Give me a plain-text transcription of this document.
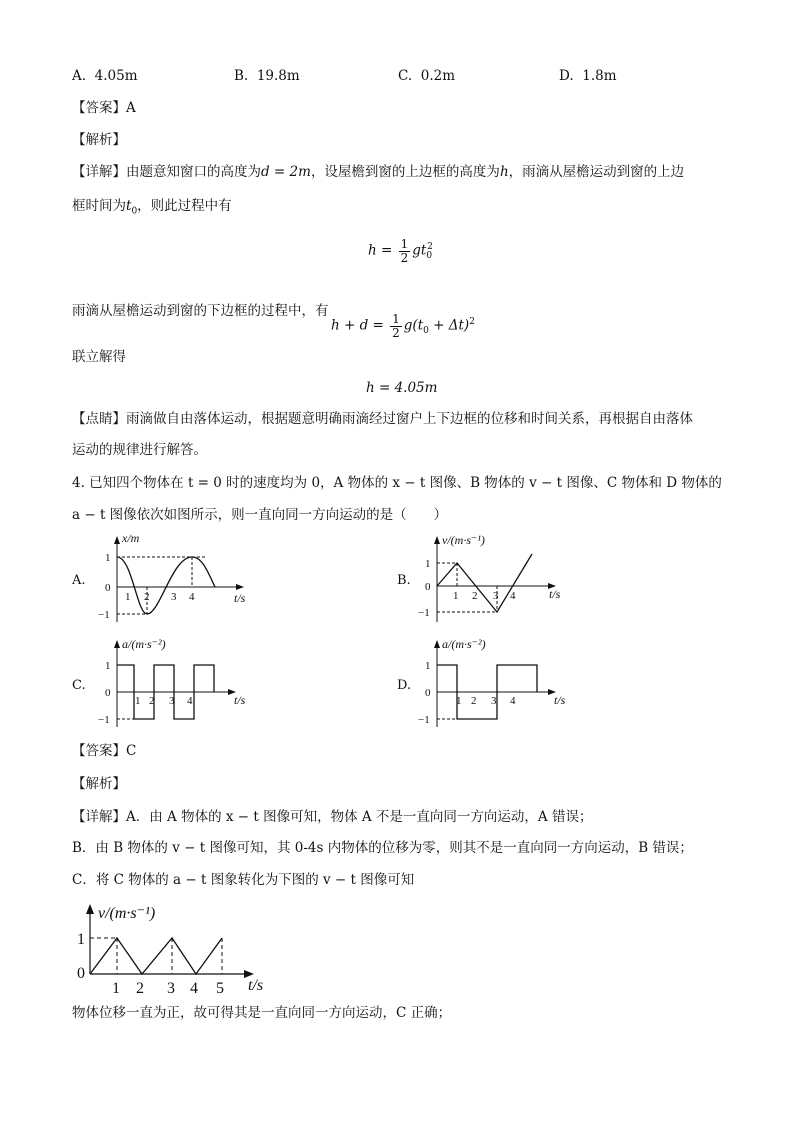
A. 4.05m	B. 19.8m	C. 0.2m	D. 1.8m
【答案】A
【解析】
【详解】由题意知窗口的高度为d = 2m，设屋檐到窗的上边框的高度为h，雨滴从屋檐运动到窗的上边
框时间为$t_0$，则此过程中有
$h = \frac{1}{2} gt_0^2$
雨滴从屋檐运动到窗的下边框的过程中，有
$h + d = \frac{1}{2} g(t_0 + \Delta t)^2$
联立解得
h = 4.05m
【点睛】雨滴做自由落体运动，根据题意明确雨滴经过窗户上下边框的位移和时间关系，再根据自由落体
运动的规律进行解答。
4. 已知四个物体在 t = 0 时的速度均为 0，A 物体的 x − t 图像、B 物体的 v − t 图像、C 物体和 D 物体的
a − t 图像依次如图所示，则一直向同一方向运动的是（　　）
A.
x/m
t/s
1
0
−1
1 2 3 4
B.
v/(m·s⁻¹)
t/s
1
0
−1
1 2 3 4
C.
a/(m·s⁻²)
t/s
1
0
−1
1 2 3 4
D.
a/(m·s⁻²)
t/s
1
0
−1
1 2 3 4
【答案】C
【解析】
【详解】A．由 A 物体的 x − t 图像可知，物体 A 不是一直向同一方向运动，A 错误；
B．由 B 物体的 v − t 图像可知，其 0-4s 内物体的位移为零，则其不是一直向同一方向运动，B 错误；
C．将 C 物体的 a − t 图象转化为下图的 v − t 图像可知
v/(m·s⁻¹)
t/s
1
0
1 2 3 4 5
物体位移一直为正，故可得其是一直向同一方向运动，C 正确；
